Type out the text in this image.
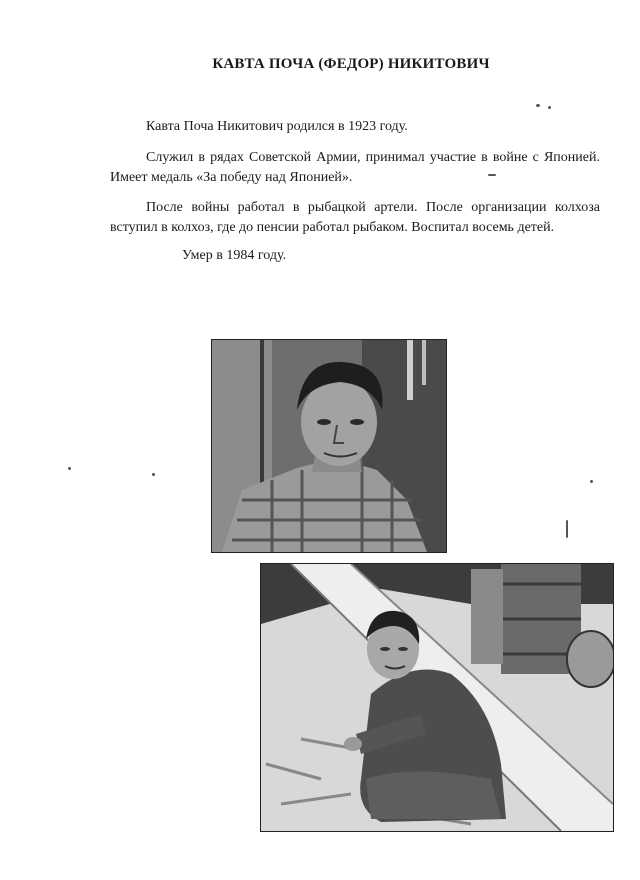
КАВТА ПОЧА (ФЕДОР) НИКИТОВИЧ

Кавта Поча Никитович родился в 1923 году.

Служил в рядах Советской Армии, принимал участие в войне с Японией. Имеет медаль «За победу над Японией».

После войны работал в рыбацкой артели. После организации колхоза вступил в колхоз, где до пенсии работал рыбаком. Воспитал восемь детей.

Умер в 1984 году.
